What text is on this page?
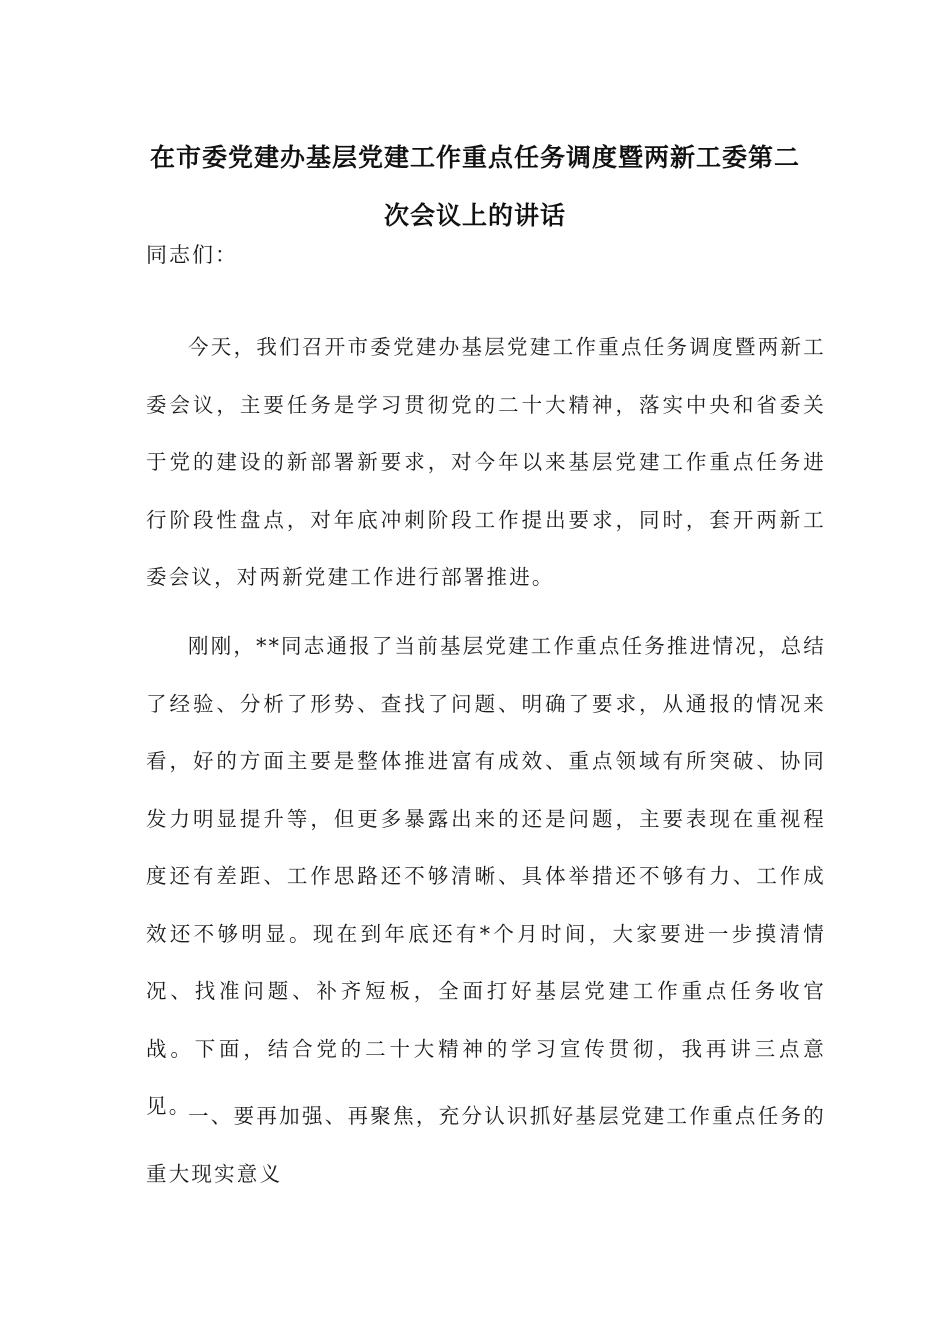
在市委党建办基层党建工作重点任务调度暨两新工委第二
次会议上的讲话
同志们：

今天，我们召开市委党建办基层党建工作重点任务调度暨两新工委会议，主要任务是学习贯彻党的二十大精神，落实中央和省委关于党的建设的新部署新要求，对今年以来基层党建工作重点任务进行阶段性盘点，对年底冲刺阶段工作提出要求，同时，套开两新工委会议，对两新党建工作进行部署推进。

刚刚，**同志通报了当前基层党建工作重点任务推进情况，总结了经验、分析了形势、查找了问题、明确了要求，从通报的情况来看，好的方面主要是整体推进富有成效、重点领域有所突破、协同发力明显提升等，但更多暴露出来的还是问题，主要表现在重视程度还有差距、工作思路还不够清晰、具体举措还不够有力、工作成效还不够明显。现在到年底还有*个月时间，大家要进一步摸清情况、找准问题、补齐短板，全面打好基层党建工作重点任务收官战。下面，结合党的二十大精神的学习宣传贯彻，我再讲三点意见。

一、要再加强、再聚焦，充分认识抓好基层党建工作重点任务的重大现实意义
